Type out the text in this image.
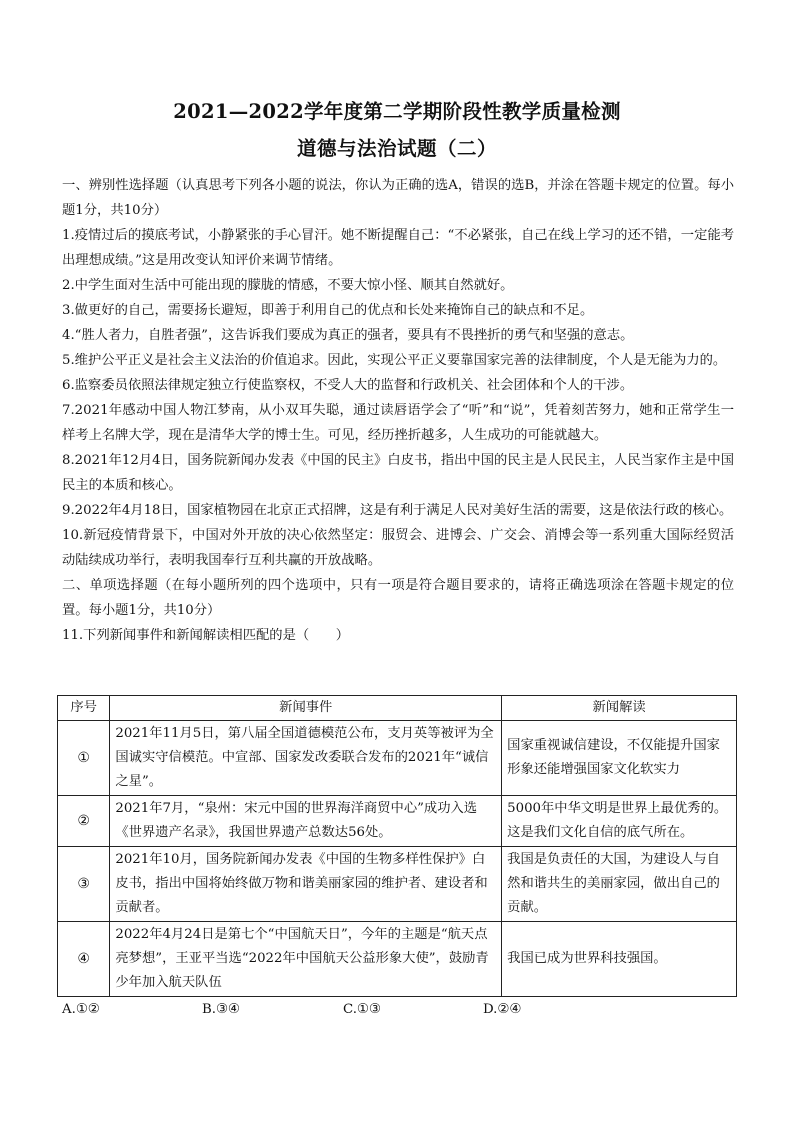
2021—2022学年度第二学期阶段性教学质量检测
道德与法治试题（二）

一、辨别性选择题（认真思考下列各小题的说法，你认为正确的选A，错误的选B，并涂在答题卡规定的位置。每小题1分，共10分）

1.疫情过后的摸底考试，小静紧张的手心冒汗。她不断提醒自己：“不必紧张，自己在线上学习的还不错，一定能考出理想成绩。”这是用改变认知评价来调节情绪。

2.中学生面对生活中可能出现的朦胧的情感，不要大惊小怪、顺其自然就好。

3.做更好的自己，需要扬长避短，即善于利用自己的优点和长处来掩饰自己的缺点和不足。

4.“胜人者力，自胜者强”，这告诉我们要成为真正的强者，要具有不畏挫折的勇气和坚强的意志。

5.维护公平正义是社会主义法治的价值追求。因此，实现公平正义要靠国家完善的法律制度，个人是无能为力的。

6.监察委员依照法律规定独立行使监察权，不受人大的监督和行政机关、社会团体和个人的干涉。

7.2021年感动中国人物江梦南，从小双耳失聪，通过读唇语学会了“听”和“说”，凭着刻苦努力，她和正常学生一样考上名牌大学，现在是清华大学的博士生。可见，经历挫折越多，人生成功的可能就越大。

8.2021年12月4日，国务院新闻办发表《中国的民主》白皮书，指出中国的民主是人民民主，人民当家作主是中国民主的本质和核心。

9.2022年4月18日，国家植物园在北京正式招牌，这是有利于满足人民对美好生活的需要，这是依法行政的核心。

10.新冠疫情背景下，中国对外开放的决心依然坚定：服贸会、进博会、广交会、消博会等一系列重大国际经贸活动陆续成功举行，表明我国奉行互利共赢的开放战略。

二、单项选择题（在每小题所列的四个选项中，只有一项是符合题目要求的，请将正确选项涂在答题卡规定的位置。每小题1分，共10分）

11.下列新闻事件和新闻解读相匹配的是（　　）

序号	新闻事件	新闻解读
①	2021年11月5日，第八届全国道德模范公布，支月英等被评为全国诚实守信模范。中宣部、国家发改委联合发布的2021年“诚信之星”。	国家重视诚信建设，不仅能提升国家形象还能增强国家文化软实力
②	2021年7月，“泉州：宋元中国的世界海洋商贸中心”成功入选《世界遗产名录》，我国世界遗产总数达56处。	5000年中华文明是世界上最优秀的。这是我们文化自信的底气所在。
③	2021年10月，国务院新闻办发表《中国的生物多样性保护》白皮书，指出中国将始终做万物和谐美丽家园的维护者、建设者和贡献者。	我国是负责任的大国，为建设人与自然和谐共生的美丽家园，做出自己的贡献。
④	2022年4月24日是第七个“中国航天日”，今年的主题是“航天点亮梦想”，王亚平当选“2022年中国航天公益形象大使”，鼓励青少年加入航天队伍	我国已成为世界科技强国。
A.①②	B.③④	C.①③	D.②④
